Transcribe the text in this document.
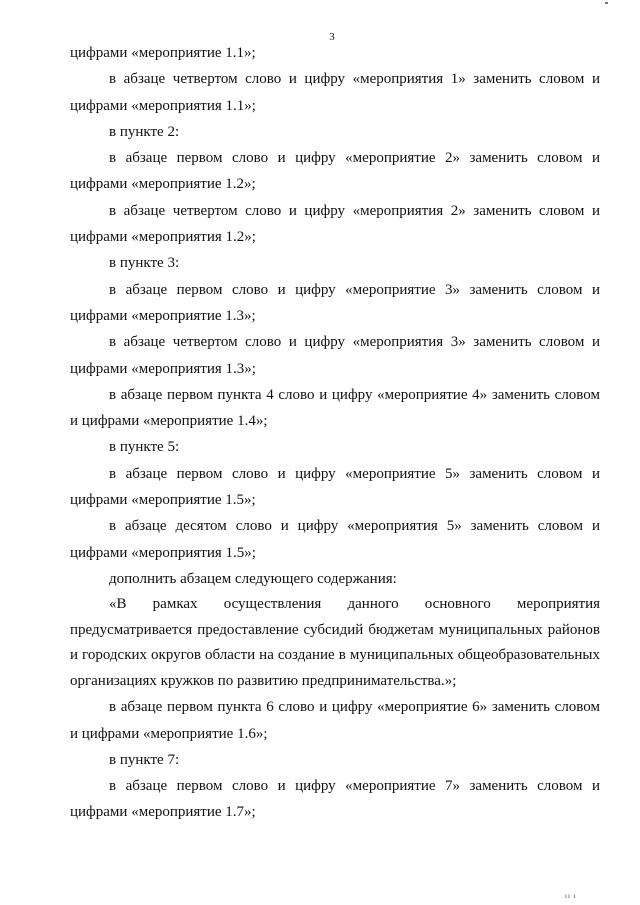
3

цифрами «мероприятие 1.1»;

в абзаце четвертом слово и цифру «мероприятия 1» заменить словом и цифрами «мероприятия 1.1»;

в пункте 2:

в абзаце первом слово и цифру «мероприятие 2» заменить словом и цифрами «мероприятие 1.2»;

в абзаце четвертом слово и цифру «мероприятия 2» заменить словом и цифрами «мероприятия 1.2»;

в пункте 3:

в абзаце первом слово и цифру «мероприятие 3» заменить словом и цифрами «мероприятие 1.3»;

в абзаце четвертом слово и цифру «мероприятия 3» заменить словом и цифрами «мероприятия 1.3»;

в абзаце первом пункта 4 слово и цифру «мероприятие 4» заменить словом и цифрами «мероприятие 1.4»;

в пункте 5:

в абзаце первом слово и цифру «мероприятие 5» заменить словом и цифрами «мероприятие 1.5»;

в абзаце десятом слово и цифру «мероприятия 5» заменить словом и цифрами «мероприятия 1.5»;

дополнить абзацем следующего содержания:

«В рамках осуществления данного основного мероприятия предусматривается предоставление субсидий бюджетам муниципальных районов и городских округов области на создание в муниципальных общеобразовательных организациях кружков по развитию предпринимательства.»;

в абзаце первом пункта 6 слово и цифру «мероприятие 6» заменить словом и цифрами «мероприятие 1.6»;

в пункте 7:

в абзаце первом слово и цифру «мероприятие 7» заменить словом и цифрами «мероприятие 1.7»;

ıı ı
